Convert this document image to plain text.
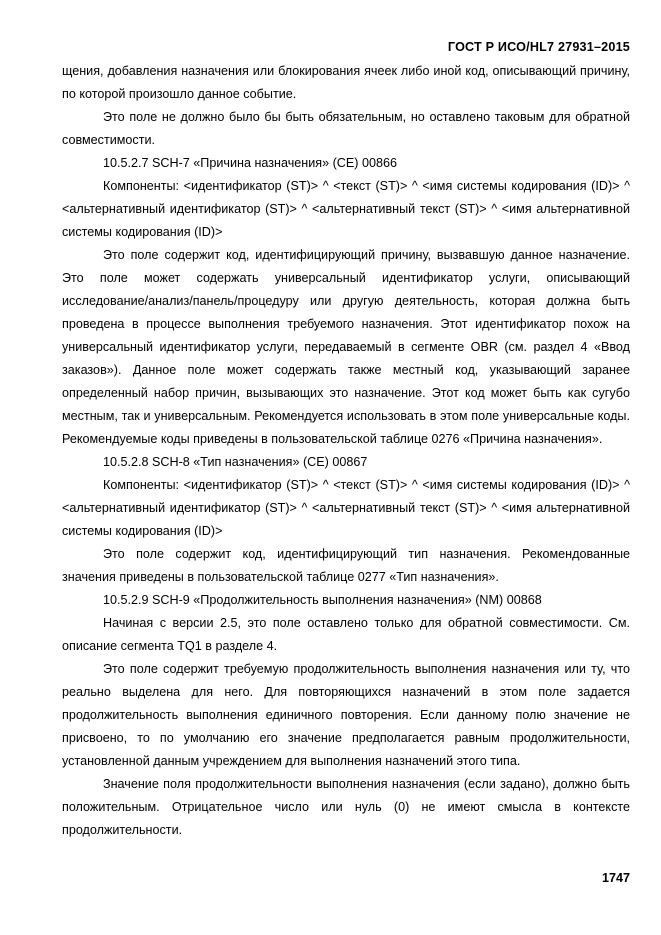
ГОСТ Р ИСО/HL7 27931–2015

щения, добавления назначения или блокирования ячеек либо иной код, описывающий причину, по которой произошло данное событие.

Это поле не должно было бы быть обязательным, но оставлено таковым для обратной совместимости.

10.5.2.7 SCH-7 «Причина назначения» (CE) 00866

Компоненты: <идентификатор (ST)> ^ <текст (ST)> ^ <имя системы кодирования (ID)> ^ <альтернативный идентификатор (ST)> ^ <альтернативный текст (ST)> ^ <имя альтернативной системы кодирования (ID)>

Это поле содержит код, идентифицирующий причину, вызвавшую данное назначение. Это поле может содержать универсальный идентификатор услуги, описывающий исследование/анализ/панель/процедуру или другую деятельность, которая должна быть проведена в процессе выполнения требуемого назначения. Этот идентификатор похож на универсальный идентификатор услуги, передаваемый в сегменте OBR (см. раздел 4 «Ввод заказов»). Данное поле может содержать также местный код, указывающий заранее определенный набор причин, вызывающих это назначение. Этот код может быть как сугубо местным, так и универсальным. Рекомендуется использовать в этом поле универсальные коды. Рекомендуемые коды приведены в пользовательской таблице 0276 «Причина назначения».

10.5.2.8 SCH-8 «Тип назначения» (CE) 00867

Компоненты: <идентификатор (ST)> ^ <текст (ST)> ^ <имя системы кодирования (ID)> ^ <альтернативный идентификатор (ST)> ^ <альтернативный текст (ST)> ^ <имя альтернативной системы кодирования (ID)>

Это поле содержит код, идентифицирующий тип назначения. Рекомендованные значения приведены в пользовательской таблице 0277 «Тип назначения».

10.5.2.9 SCH-9 «Продолжительность выполнения назначения» (NM) 00868

Начиная с версии 2.5, это поле оставлено только для обратной совместимости. См. описание сегмента TQ1 в разделе 4.

Это поле содержит требуемую продолжительность выполнения назначения или ту, что реально выделена для него. Для повторяющихся назначений в этом поле задается продолжительность выполнения единичного повторения. Если данному полю значение не присвоено, то по умолчанию его значение предполагается равным продолжительности, установленной данным учреждением для выполнения назначений этого типа.

Значение поля продолжительности выполнения назначения (если задано), должно быть положительным. Отрицательное число или нуль (0) не имеют смысла в контексте продолжительности.

1747
